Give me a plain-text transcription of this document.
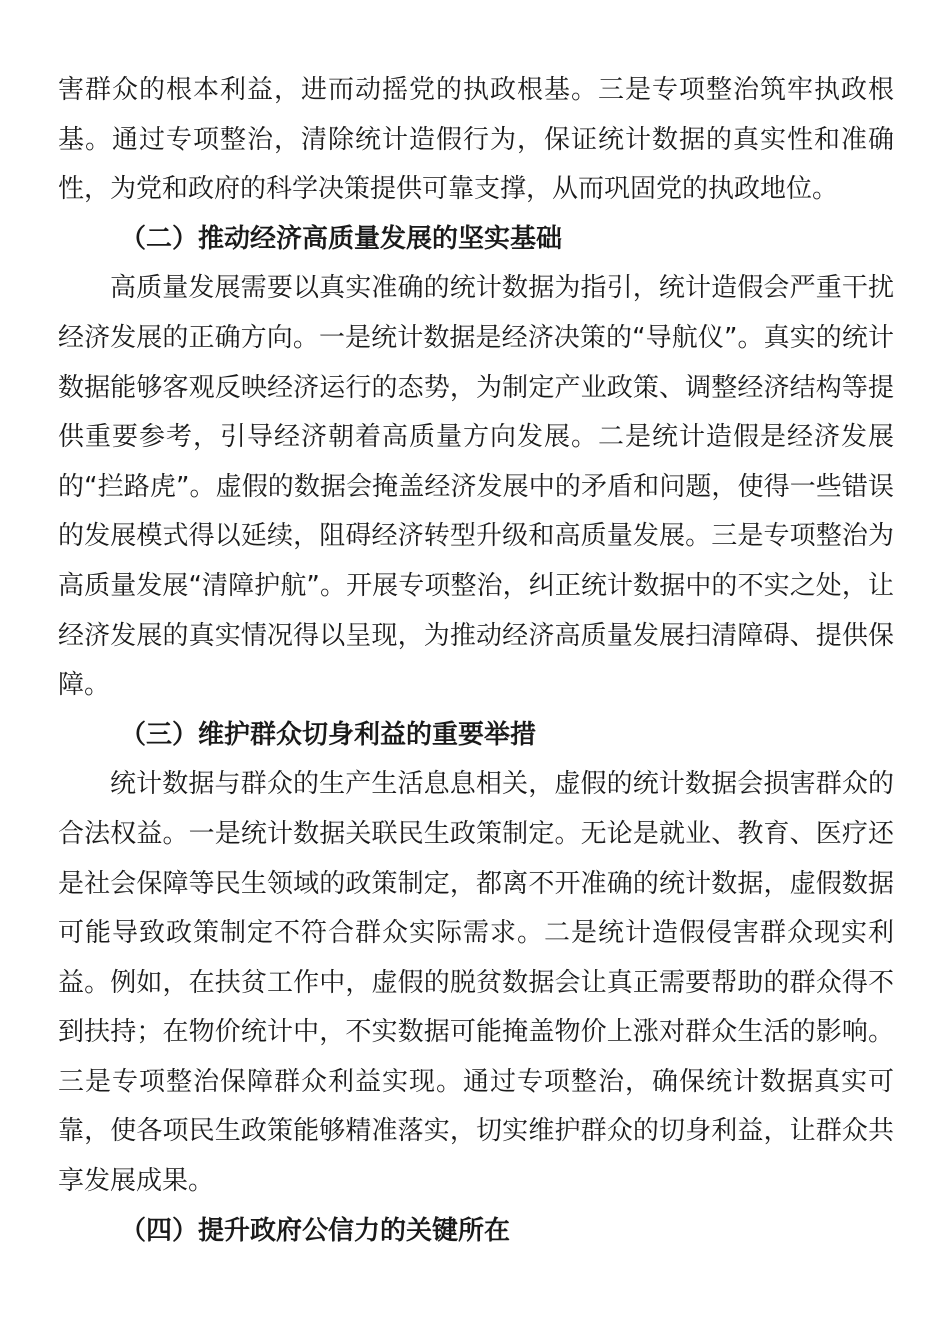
害群众的根本利益，进而动摇党的执政根基。三是专项整治筑牢执政根基。通过专项整治，清除统计造假行为，保证统计数据的真实性和准确性，为党和政府的科学决策提供可靠支撑，从而巩固党的执政地位。

（二）推动经济高质量发展的坚实基础

高质量发展需要以真实准确的统计数据为指引，统计造假会严重干扰经济发展的正确方向。一是统计数据是经济决策的“导航仪”。真实的统计数据能够客观反映经济运行的态势，为制定产业政策、调整经济结构等提供重要参考，引导经济朝着高质量方向发展。二是统计造假是经济发展的“拦路虎”。虚假的数据会掩盖经济发展中的矛盾和问题，使得一些错误的发展模式得以延续，阻碍经济转型升级和高质量发展。三是专项整治为高质量发展“清障护航”。开展专项整治，纠正统计数据中的不实之处，让经济发展的真实情况得以呈现，为推动经济高质量发展扫清障碍、提供保障。

（三）维护群众切身利益的重要举措

统计数据与群众的生产生活息息相关，虚假的统计数据会损害群众的合法权益。一是统计数据关联民生政策制定。无论是就业、教育、医疗还是社会保障等民生领域的政策制定，都离不开准确的统计数据，虚假数据可能导致政策制定不符合群众实际需求。二是统计造假侵害群众现实利益。例如，在扶贫工作中，虚假的脱贫数据会让真正需要帮助的群众得不到扶持；在物价统计中，不实数据可能掩盖物价上涨对群众生活的影响。三是专项整治保障群众利益实现。通过专项整治，确保统计数据真实可靠，使各项民生政策能够精准落实，切实维护群众的切身利益，让群众共享发展成果。

（四）提升政府公信力的关键所在
